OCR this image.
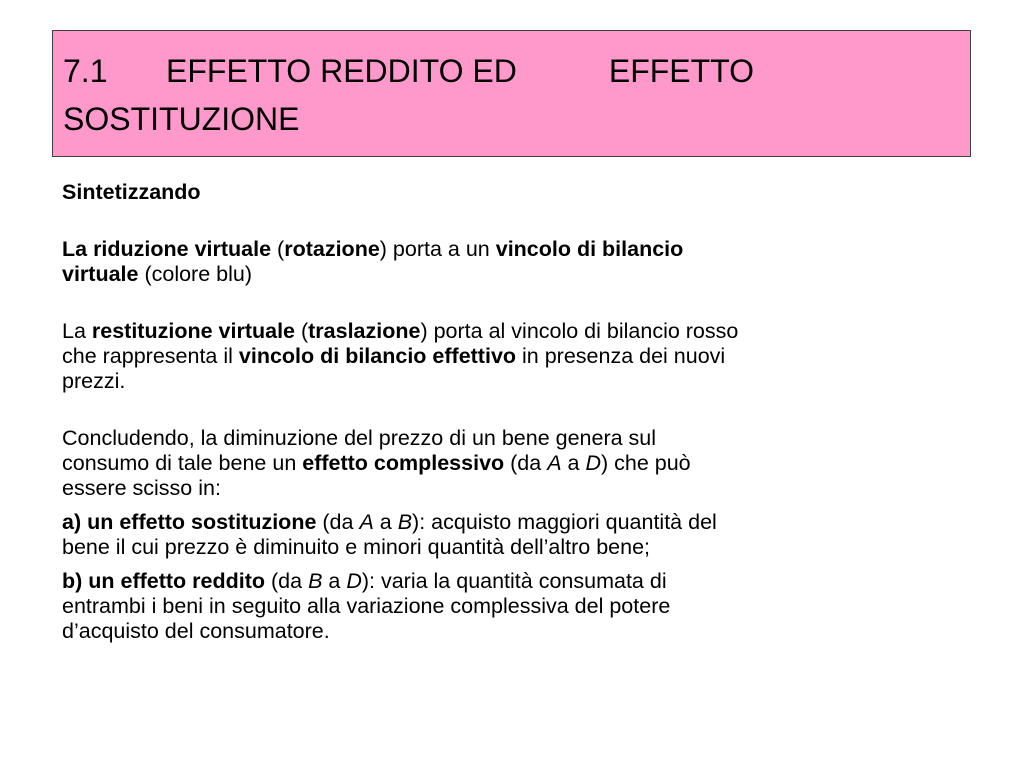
7.1 EFFETTO REDDITO ED	EFFETTO
SOSTITUZIONE

Sintetizzando

La riduzione virtuale (rotazione) porta a un vincolo di bilancio
virtuale (colore blu)

La restituzione virtuale (traslazione) porta al vincolo di bilancio rosso
che rappresenta il vincolo di bilancio effettivo in presenza dei nuovi
prezzi.

Concludendo, la diminuzione del prezzo di un bene genera sul
consumo di tale bene un effetto complessivo (da A a D) che può
essere scisso in:

a) un effetto sostituzione (da A a B): acquisto maggiori quantità del
bene il cui prezzo è diminuito e minori quantità dell’altro bene;

b) un effetto reddito (da B a D): varia la quantità consumata di
entrambi i beni in seguito alla variazione complessiva del potere
d’acquisto del consumatore.
